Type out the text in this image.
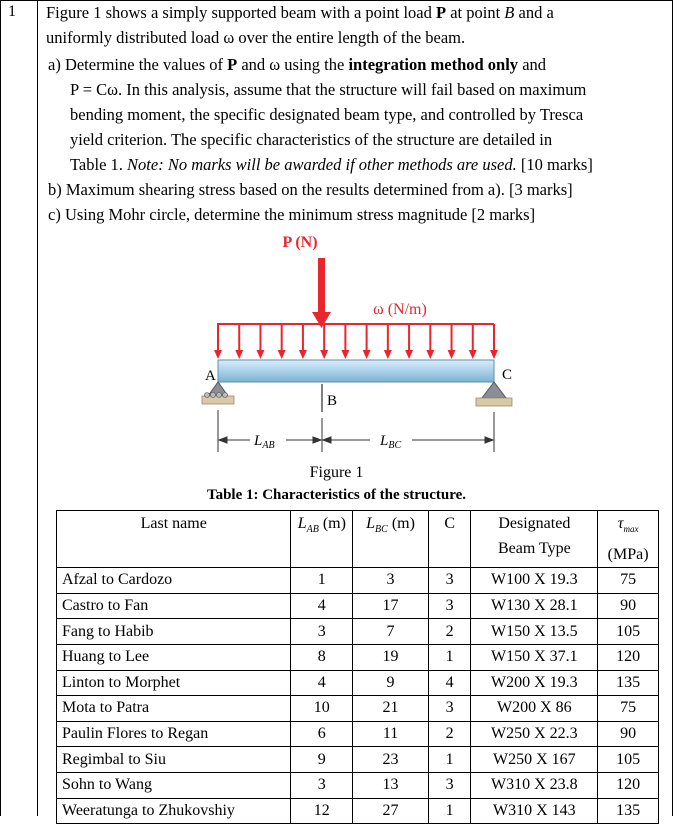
1 Figure 1 shows a simply supported beam with a point load P at point B and a
uniformly distributed load ω over the entire length of the beam.
a) Determine the values of P and ω using the integration method only and
P = Cω. In this analysis, assume that the structure will fail based on maximum
bending moment, the specific designated beam type, and controlled by Tresca
yield criterion. The specific characteristics of the structure are detailed in
Table 1. Note: No marks will be awarded if other methods are used. [10 marks]
b) Maximum shearing stress based on the results determined from a). [3 marks]
c) Using Mohr circle, determine the minimum stress magnitude [2 marks]
P (N)
ω (N/m)
A	C
B
$L_{AB}$	$L_{BC}$
Figure 1
Table 1: Characteristics of the structure.
Last name	$L_{AB}$ (m)	$L_{BC}$ (m)	C	Designated
Beam Type	$\tau_{max}$
(MPa)

Afzal to Cardozo	1	3	3	W100 X 19.3	75
Castro to Fan	4	17	3	W130 X 28.1	90
Fang to Habib	3	7	2	W150 X 13.5	105
Huang to Lee	8	19	1	W150 X 37.1	120
Linton to Morphet	4	9	4	W200 X 19.3	135
Mota to Patra	10	21	3	W200 X 86	75
Paulin Flores to Regan	6	11	2	W250 X 22.3	90
Regimbal to Siu	9	23	1	W250 X 167	105
Sohn to Wang	3	13	3	W310 X 23.8	120
Weeratunga to Zhukovshiy	12	27	1	W310 X 143	135
